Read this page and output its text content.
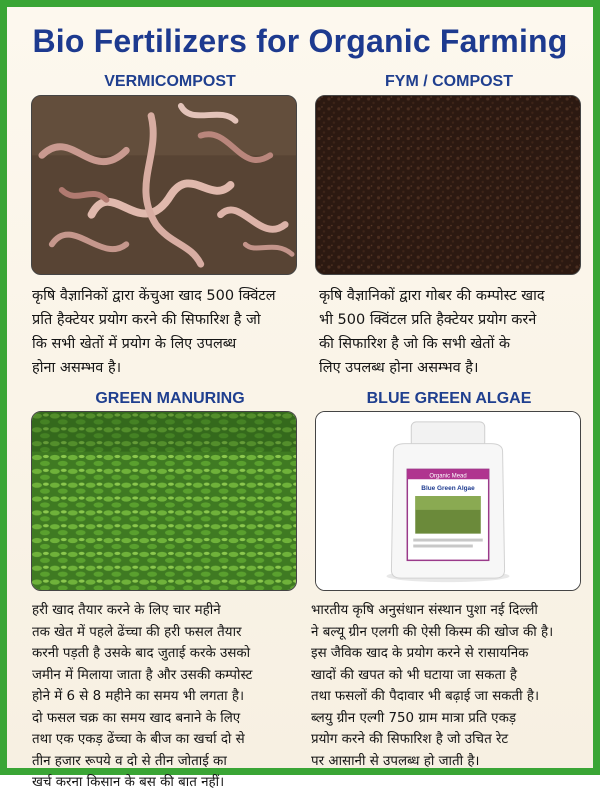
Bio Fertilizers for Organic Farming
VERMICOMPOST
कृषि वैज्ञानिकों द्वारा केंचुआ खाद 500 क्विंटल
प्रति हैक्टेयर प्रयोग करने की सिफारिश है जो
कि सभी खेतों में प्रयोग के लिए उपलब्ध
होना असम्भव है।
FYM / COMPOST
कृषि वैज्ञानिकों द्वारा गोबर की कम्पोस्ट खाद
भी 500 क्विंटल प्रति हैक्टेयर प्रयोग करने
की सिफारिश है जो कि सभी खेतों के
लिए उपलब्ध होना असम्भव है।
GREEN MANURING
हरी खाद तैयार करने के लिए चार महीने
तक खेत में पहले ढेंच्चा की हरी फसल तैयार
करनी पड़ती है उसके बाद जुताई करके उसको
जमीन में मिलाया जाता है और उसकी कम्पोस्ट
होने में 6 से 8 महीने का समय भी लगता है।
दो फसल चक्र का समय खाद बनाने के लिए
तथा एक एकड़ ढेंच्चा के बीज का खर्चा दो से
तीन हजार रूपये व दो से तीन जोताई का
खर्च करना किसान के बस की बात नहीं।
BLUE GREEN ALGAE
Organic Mead
Blue Green Algae
भारतीय कृषि अनुसंधान संस्थान पुशा नई दिल्ली
ने बल्यू ग्रीन एलगी की ऐसी किस्म की खोज की है।
इस जैविक खाद के प्रयोग करने से रासायनिक
खादों की खपत को भी घटाया जा सकता है
तथा फसलों की पैदावार भी बढ़ाई जा सकती है।
ब्लयु ग्रीन एल्गी 750 ग्राम मात्रा प्रति एकड़
प्रयोग करने की सिफारिश है जो उचित रेट
पर आसानी से उपलब्ध हो जाती है।
